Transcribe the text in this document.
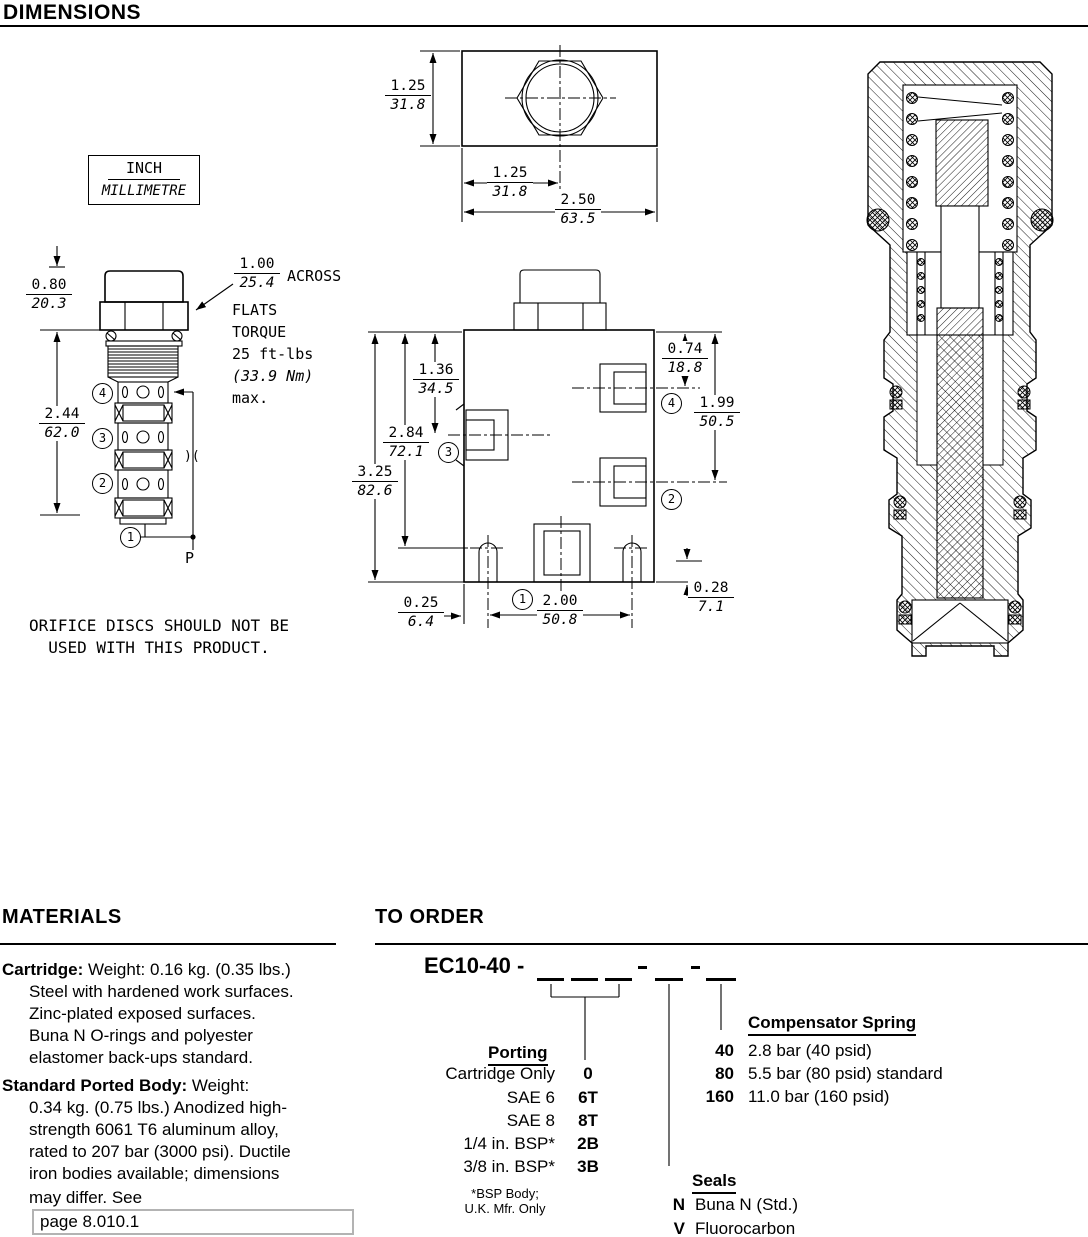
DIMENSIONS
INCH
MILLIMETRE
1.25
31.8
1.25
31.8	2.50
63.5
0.80
20.3
2.44
62.0
1.00
25.4
1.36
34.5
2.84
72.1
3.25
82.6
0.74
18.8
1.99
50.5
0.28
7.1
0.25
6.4
2.00
50.8
4
3
2
1
3
4
2
1
P
)(
ACROSS
FLATS
TORQUE
25 ft-lbs
(33.9 Nm)
max.
ORIFICE DISCS SHOULD NOT BE
USED WITH THIS PRODUCT.
MATERIALS
Cartridge: Weight: 0.16 kg. (0.35 lbs.)
Steel with hardened work surfaces.
Zinc-plated exposed surfaces.
Buna N O-rings and polyester
elastomer back-ups standard.
Standard Ported Body: Weight:
0.34 kg. (0.75 lbs.) Anodized high-
strength 6061 T6 aluminum alloy,
rated to 207 bar (3000 psi). Ductile
iron bodies available; dimensions
may differ. See
page 8.010.1
TO ORDER
EC10-40 -
Porting
Cartridge Only	0
SAE 6	6T
SAE 8	8T
1/4 in. BSP*	2B
3/8 in. BSP*	3B
*BSP Body;
U.K. Mfr. Only
Compensator Spring
40 2.8 bar (40 psid)
80 5.5 bar (80 psid) standard
160 11.0 bar (160 psid)
Seals
N Buna N (Std.)
V Fluorocarbon
